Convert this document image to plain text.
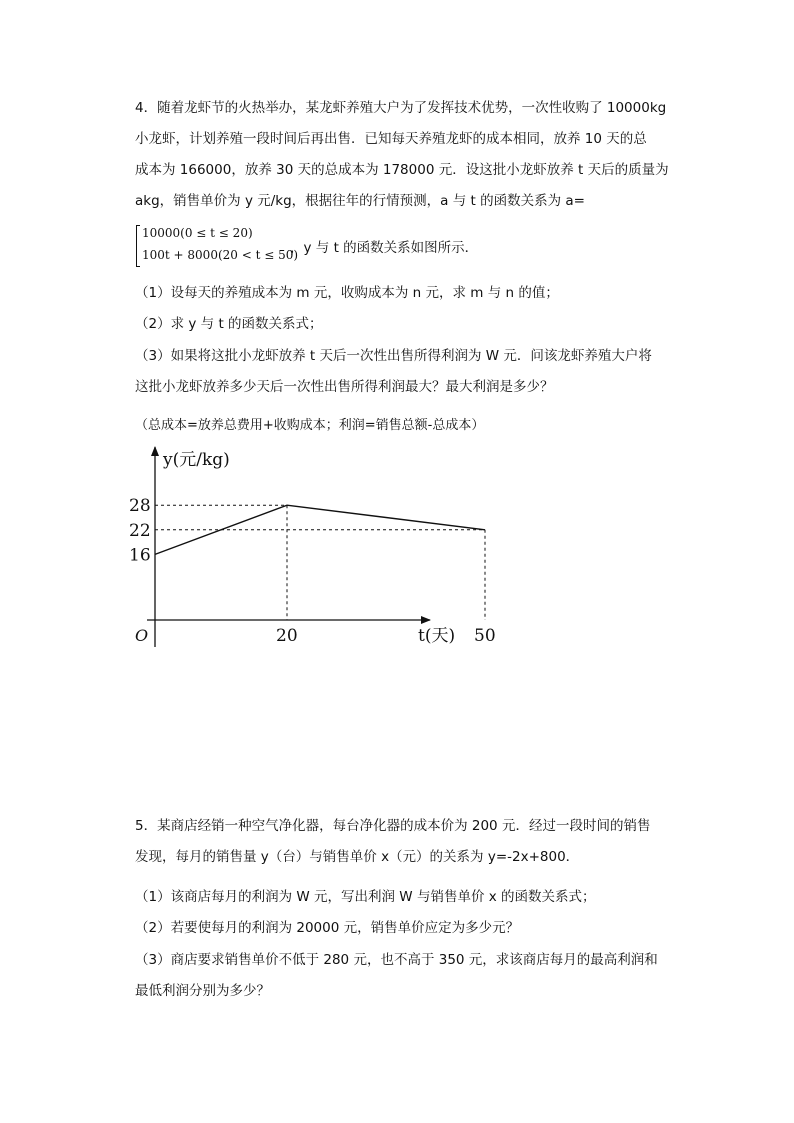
4．随着龙虾节的火热举办，某龙虾养殖大户为了发挥技术优势，一次性收购了 10000kg
小龙虾，计划养殖一段时间后再出售．已知每天养殖龙虾的成本相同，放养 10 天的总
成本为 166000，放养 30 天的总成本为 178000 元．设这批小龙虾放养 t 天后的质量为
akg，销售单价为 y 元/kg，根据往年的行情预测，a 与 t 的函数关系为 a=
10000(0 ≤ t ≤ 20)
100t + 8000(20 < t ≤ 50)
，y 与 t 的函数关系如图所示．
（1）设每天的养殖成本为 m 元，收购成本为 n 元，求 m 与 n 的值；
（2）求 y 与 t 的函数关系式；
（3）如果将这批小龙虾放养 t 天后一次性出售所得利润为 W 元．问该龙虾养殖大户将
这批小龙虾放养多少天后一次性出售所得利润最大？最大利润是多少？
（总成本=放养总费用+收购成本；利润=销售总额-总成本）
y(元/kg)
t(天)
O
28
22
16
20	50
5．某商店经销一种空气净化器，每台净化器的成本价为 200 元．经过一段时间的销售
发现，每月的销售量 y（台）与销售单价 x（元）的关系为 y=-2x+800．
（1）该商店每月的利润为 W 元，写出利润 W 与销售单价 x 的函数关系式；
（2）若要使每月的利润为 20000 元，销售单价应定为多少元？
（3）商店要求销售单价不低于 280 元，也不高于 350 元，求该商店每月的最高利润和
最低利润分别为多少？
